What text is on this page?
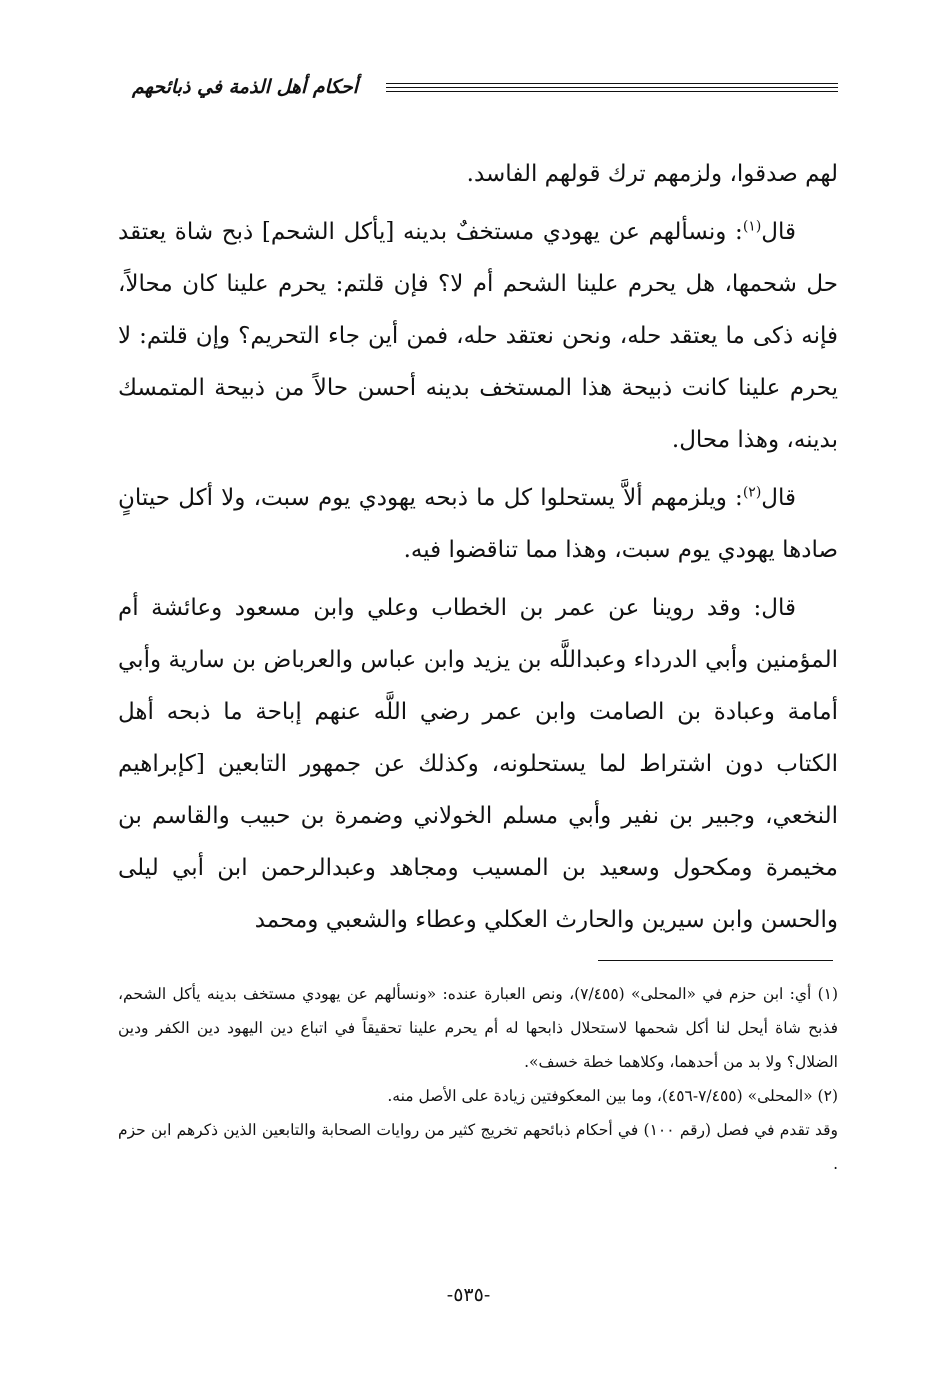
أحكام أهل الذمة في ذبائحهم

لهم صدقوا، ولزمهم ترك قولهم الفاسد.

قال$^{(١)}$: ونسألهم عن يهودي مستخفٌ بدينه [يأكل الشحم] ذبح شاة يعتقد حل شحمها، هل يحرم علينا الشحم أم لا؟ فإن قلتم: يحرم علينا كان محالاً، فإنه ذكى ما يعتقد حله، ونحن نعتقد حله، فمن أين جاء التحريم؟ وإن قلتم: لا يحرم علينا كانت ذبيحة هذا المستخف بدينه أحسن حالاً من ذبيحة المتمسك بدينه، وهذا محال.

قال$^{(٢)}$: ويلزمهم ألاَّ يستحلوا كل ما ذبحه يهودي يوم سبت، ولا أكل حيتانٍ صادها يهودي يوم سبت، وهذا مما تناقضوا فيه.

قال: وقد روينا عن عمر بن الخطاب وعلي وابن مسعود وعائشة أم المؤمنين وأبي الدرداء وعبداللَّه بن يزيد وابن عباس والعرباض بن سارية وأبي أمامة وعبادة بن الصامت وابن عمر رضي اللَّه عنهم إباحة ما ذبحه أهل الكتاب دون اشتراط لما يستحلونه، وكذلك عن جمهور التابعين [كإبراهيم النخعي، وجبير بن نفير وأبي مسلم الخولاني وضمرة بن حبيب والقاسم بن مخيمرة ومكحول وسعيد بن المسيب ومجاهد وعبدالرحمن ابن أبي ليلى والحسن وابن سيرين والحارث العكلي وعطاء والشعبي ومحمد

(١) أي: ابن حزم في «المحلى» (٧/٤٥٥)، ونص العبارة عنده: «ونسألهم عن يهودي مستخف بدينه يأكل الشحم، فذبح شاة أيحل لنا أكل شحمها لاستحلال ذابحها له أم يحرم علينا تحقيقاً في اتباع دين اليهود دين الكفر ودين الضلال؟ ولا بد من أحدهما، وكلاهما خطة خسف».

(٢) «المحلى» (٧/٤٥٥-٤٥٦)، وما بين المعكوفتين زيادة على الأصل منه.

وقد تقدم في فصل (رقم ١٠٠) في أحكام ذبائحهم تخريج كثير من روايات الصحابة والتابعين الذين ذكرهم ابن حزم .

-٥٣٥-
